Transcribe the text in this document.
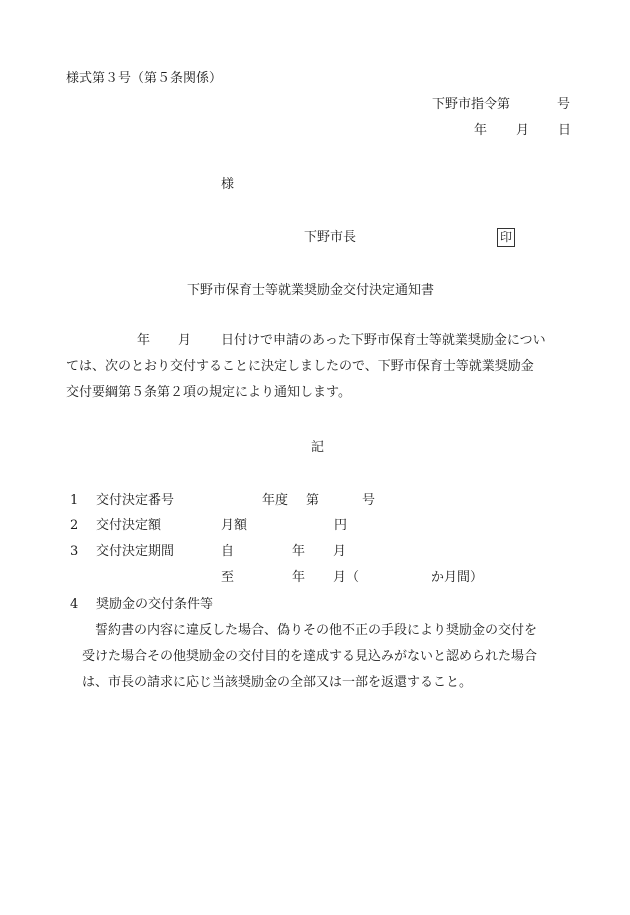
様式第３号（第５条関係）
下野市指令第	号
年 月 日
様
下野市長	印
下野市保育士等就業奨励金交付決定通知書
年 月 日付けで申請のあった下野市保育士等就業奨励金につい
ては、次のとおり交付することに決定しましたので、下野市保育士等就業奨励金
交付要綱第５条第２項の規定により通知します。
記
1 交付決定番号	年度 第	号
2 交付決定額	月額	円
3 交付決定期間	自	年 月
至	年 月（	か月間）
4 奨励金の交付条件等
誓約書の内容に違反した場合、偽りその他不正の手段により奨励金の交付を
受けた場合その他奨励金の交付目的を達成する見込みがないと認められた場合
は、市長の請求に応じ当該奨励金の全部又は一部を返還すること。
